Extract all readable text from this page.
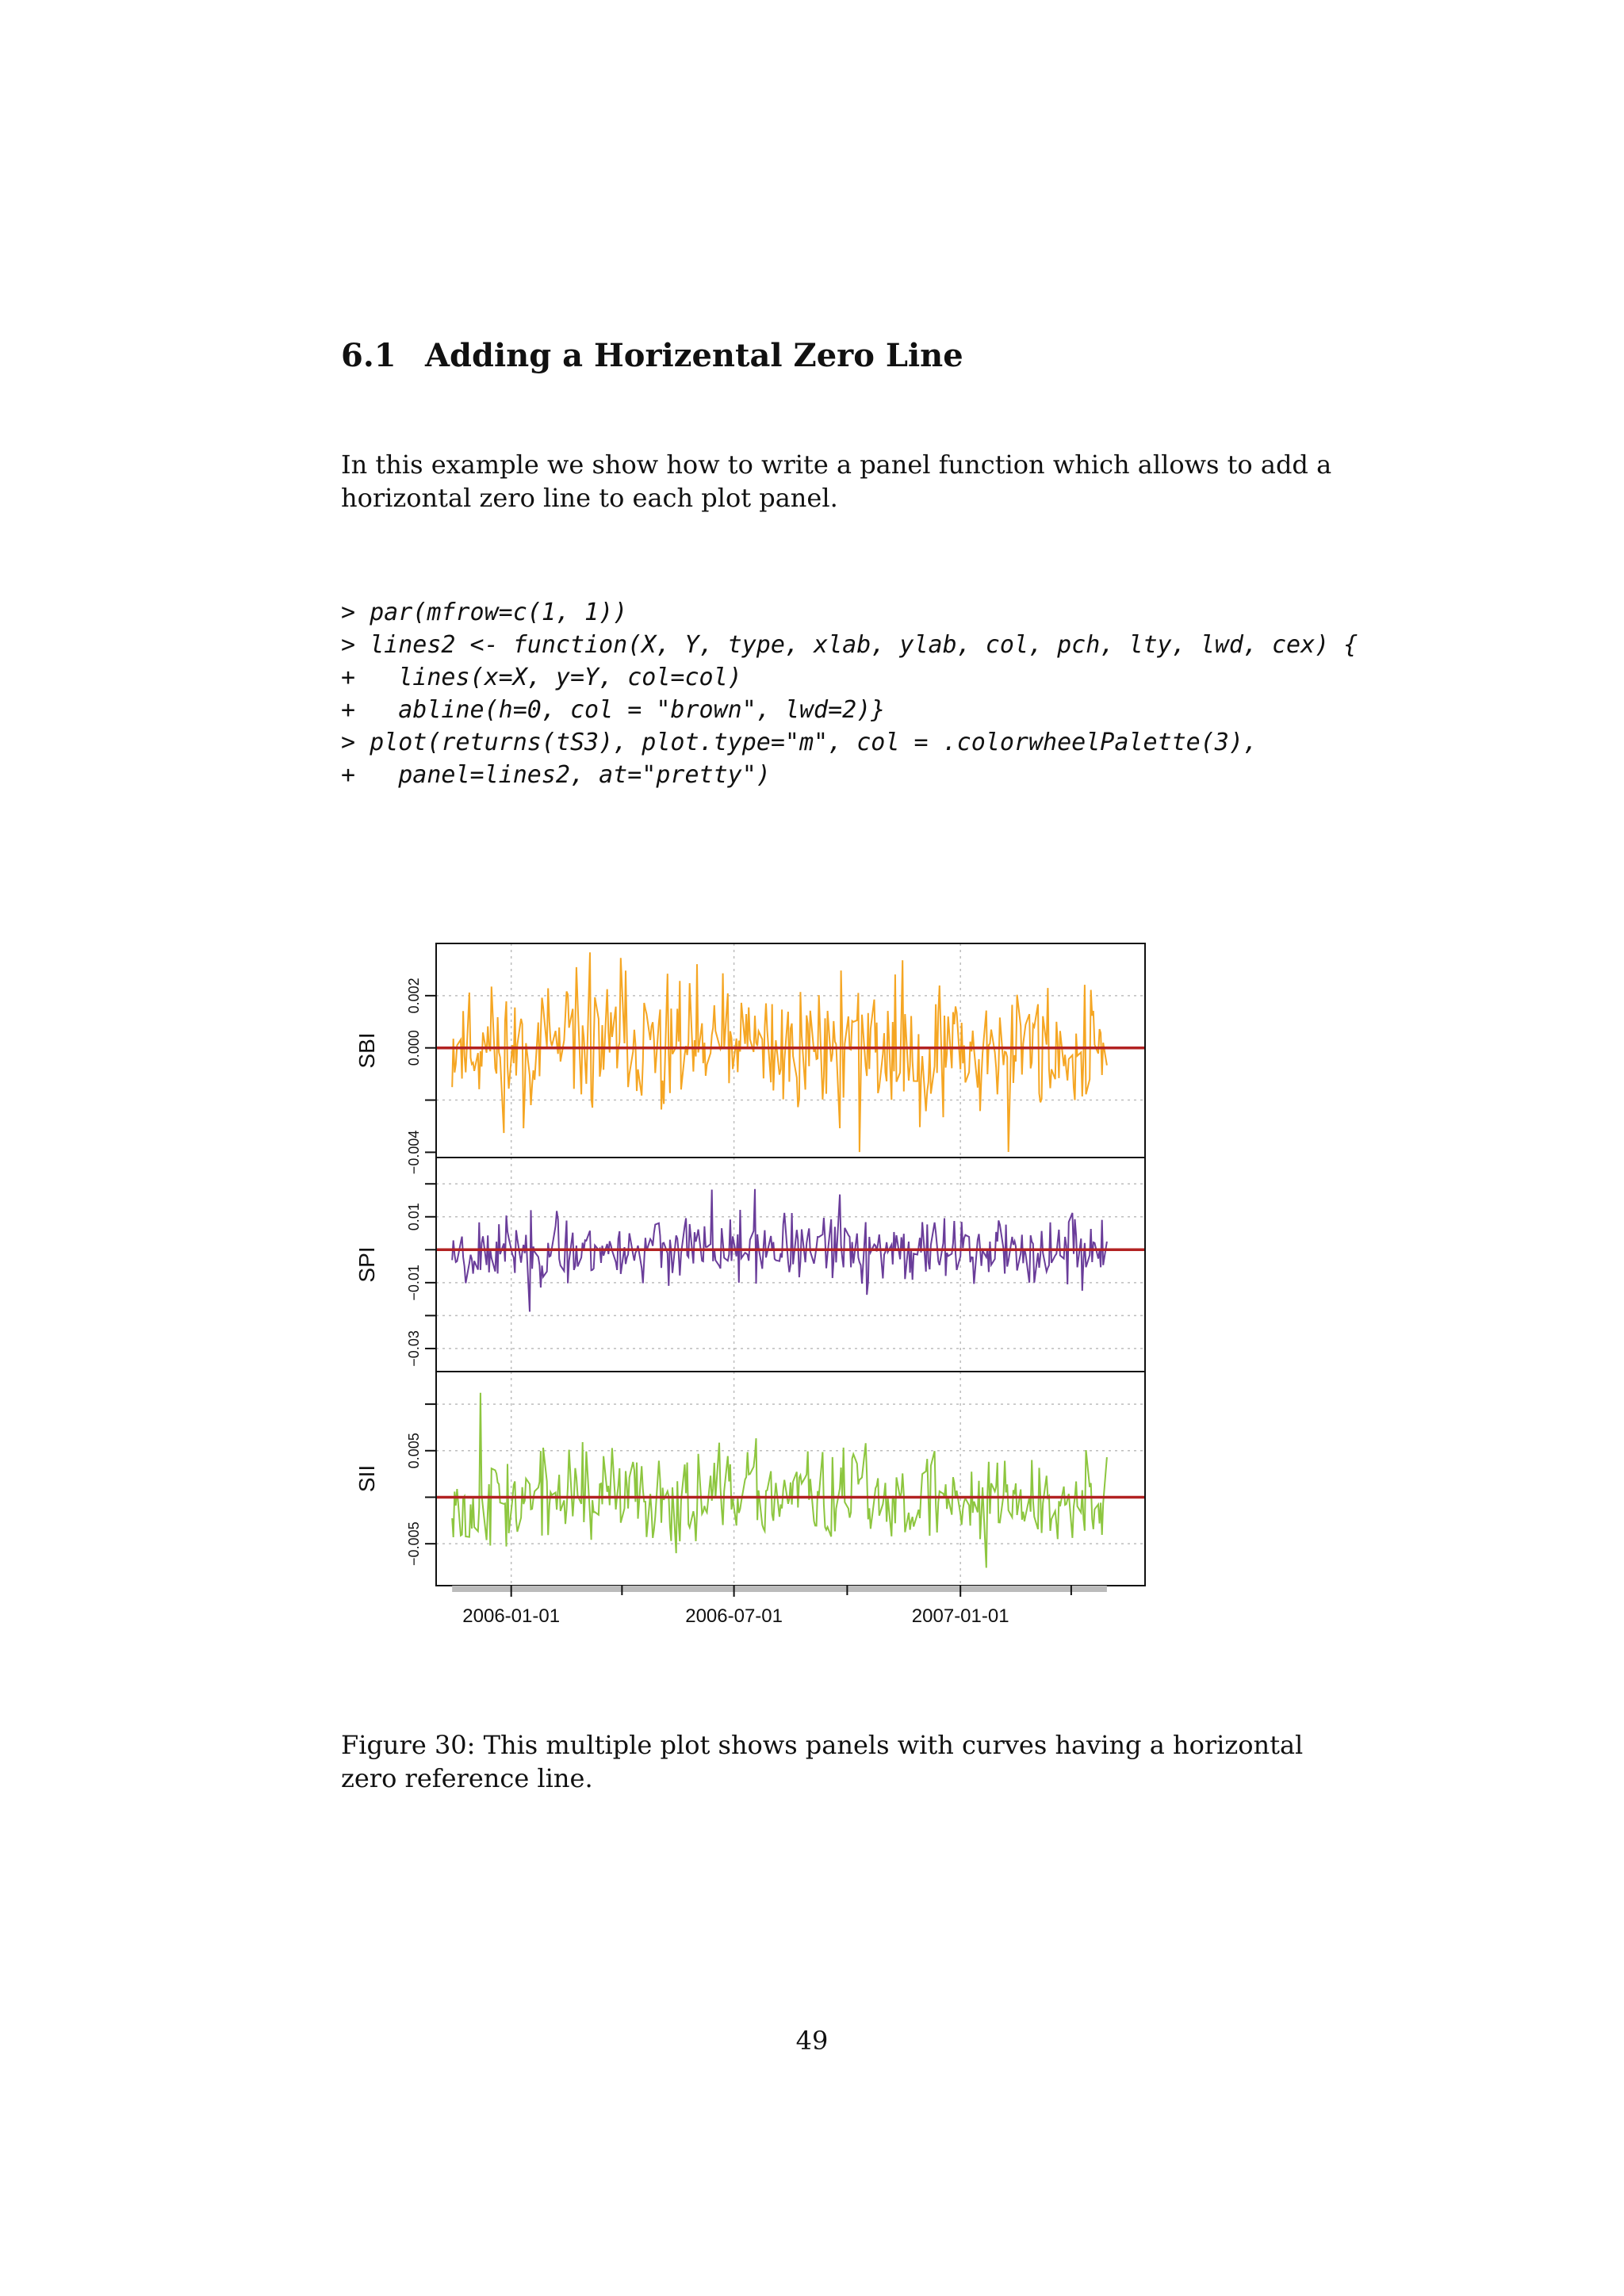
6.1 Adding a Horizental Zero Line
In this example we show how to write a panel function which allows to add a horizontal zero line to each plot panel.
> par(mfrow=c(1, 1))
> lines2 <- function(X, Y, type, xlab, ylab, col, pch, lty, lwd, cex) {
+   lines(x=X, y=Y, col=col)
+   abline(h=0, col = "brown", lwd=2)}
> plot(returns(tS3), plot.type="m", col = .colorwheelPalette(3),
+   panel=lines2, at="pretty")
−0.004
0.000
0.002
SBI
−0.03
−0.01
0.01
SPI
−0.005
0.005
SII
2006-01-01	2006-07-01	2007-01-01
Figure 30: This multiple plot shows panels with curves having a horizontal zero reference line.
49
